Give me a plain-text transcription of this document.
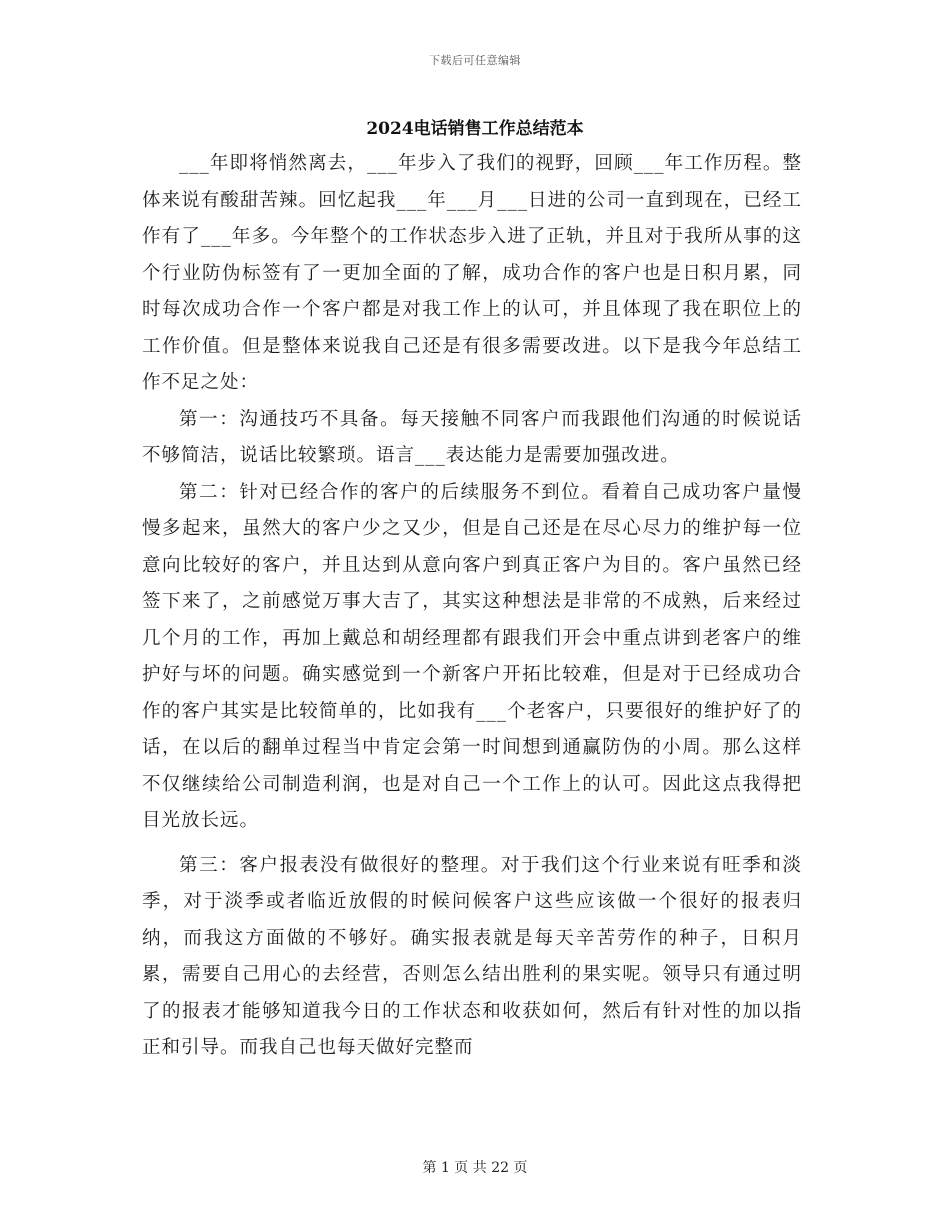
下载后可任意编辑
2024电话销售工作总结范本

___年即将悄然离去，___年步入了我们的视野，回顾___年工作历程。整体来说有酸甜苦辣。回忆起我___年___月___日进的公司一直到现在，已经工作有了___年多。今年整个的工作状态步入进了正轨，并且对于我所从事的这个行业防伪标签有了一更加全面的了解，成功合作的客户也是日积月累，同时每次成功合作一个客户都是对我工作上的认可，并且体现了我在职位上的工作价值。但是整体来说我自己还是有很多需要改进。以下是我今年总结工作不足之处：

第一：沟通技巧不具备。每天接触不同客户而我跟他们沟通的时候说话不够简洁，说话比较繁琐。语言___表达能力是需要加强改进。

第二：针对已经合作的客户的后续服务不到位。看着自己成功客户量慢慢多起来，虽然大的客户少之又少，但是自己还是在尽心尽力的维护每一位意向比较好的客户，并且达到从意向客户到真正客户为目的。客户虽然已经签下来了，之前感觉万事大吉了，其实这种想法是非常的不成熟，后来经过几个月的工作，再加上戴总和胡经理都有跟我们开会中重点讲到老客户的维护好与坏的问题。确实感觉到一个新客户开拓比较难，但是对于已经成功合作的客户其实是比较简单的，比如我有___个老客户，只要很好的维护好了的话，在以后的翻单过程当中肯定会第一时间想到通赢防伪的小周。那么这样不仅继续给公司制造利润，也是对自己一个工作上的认可。因此这点我得把目光放长远。

第三：客户报表没有做很好的整理。对于我们这个行业来说有旺季和淡季，对于淡季或者临近放假的时候问候客户这些应该做一个很好的报表归纳，而我这方面做的不够好。确实报表就是每天辛苦劳作的种子，日积月累，需要自己用心的去经营，否则怎么结出胜利的果实呢。领导只有通过明了的报表才能够知道我今日的工作状态和收获如何，然后有针对性的加以指正和引导。而我自己也每天做好完整而

第 1 页 共 22 页
